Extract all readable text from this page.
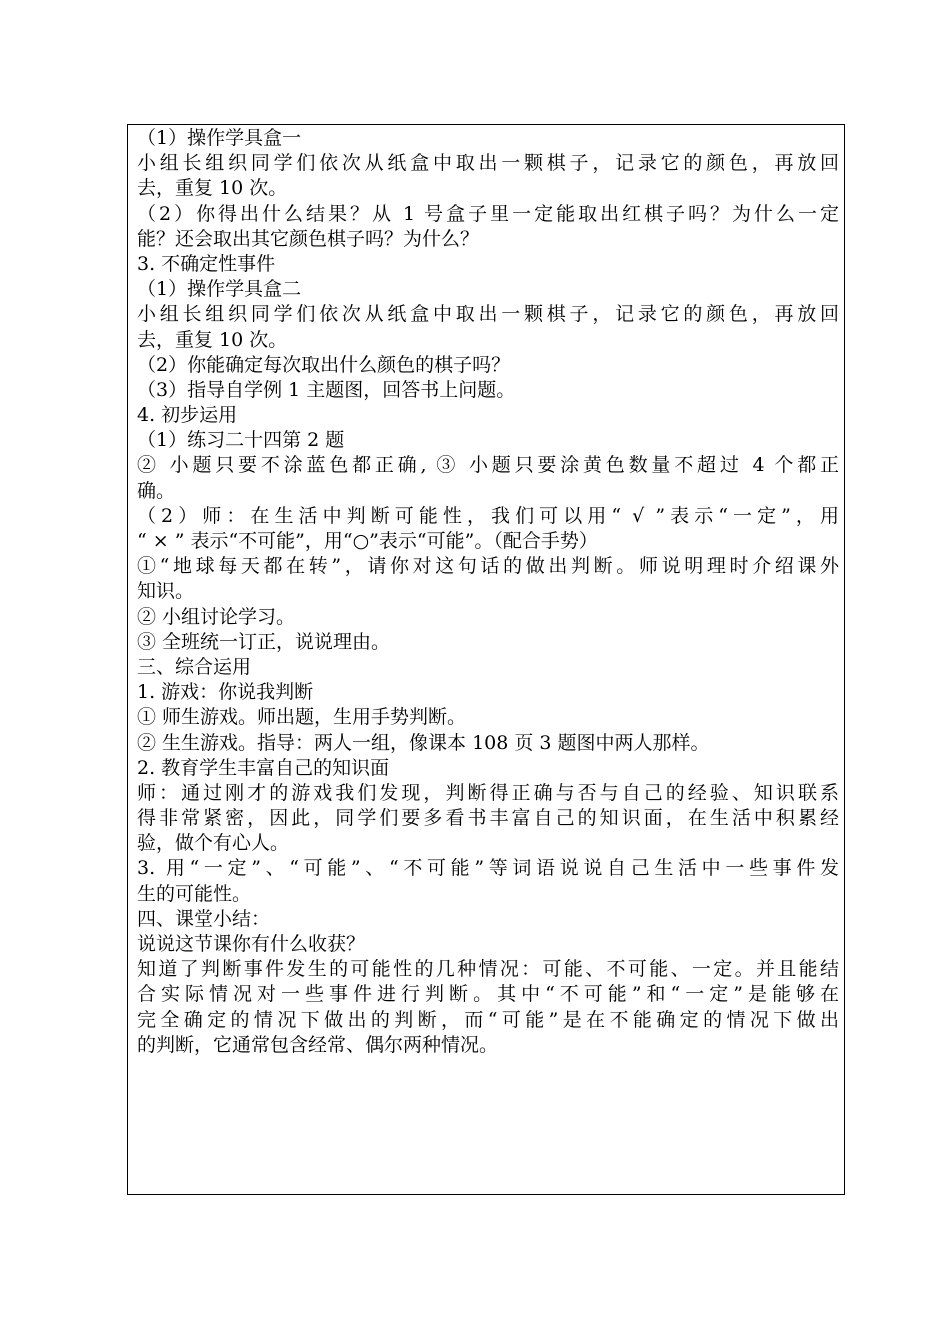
（1）操作学具盒一
小组长组织同学们依次从纸盒中取出一颗棋子，记录它的颜色，再放回
去，重复 10 次。
（2）你得出什么结果？从 1 号盒子里一定能取出红棋子吗？为什么一定
能？还会取出其它颜色棋子吗？为什么？
3. 不确定性事件
（1）操作学具盒二
小组长组织同学们依次从纸盒中取出一颗棋子，记录它的颜色，再放回
去，重复 10 次。
（2）你能确定每次取出什么颜色的棋子吗？
（3）指导自学例 1 主题图，回答书上问题。
4. 初步运用
（1）练习二十四第 2 题
② 小题只要不涂蓝色都正确, ③ 小题只要涂黄色数量不超过 4 个都正
确。
（2）师：在生活中判断可能性，我们可以用“ √ ”表示“一定”，用
“ × ” 表示“不可能”，用“○”表示“可能”。（配合手势）
①“地球每天都在转”，请你对这句话的做出判断。师说明理时介绍课外
知识。
② 小组讨论学习。
③ 全班统一订正，说说理由。
三、综合运用
1. 游戏：你说我判断
① 师生游戏。师出题，生用手势判断。
② 生生游戏。指导：两人一组，像课本 108 页 3 题图中两人那样。
2. 教育学生丰富自己的知识面
师：通过刚才的游戏我们发现，判断得正确与否与自己的经验、知识联系
得非常紧密，因此，同学们要多看书丰富自己的知识面，在生活中积累经
验，做个有心人。
3. 用“一定”、“可能”、“不可能”等词语说说自己生活中一些事件发
生的可能性。
四、课堂小结：
说说这节课你有什么收获？
知道了判断事件发生的可能性的几种情况：可能、不可能、一定。并且能结
合实际情况对一些事件进行判断。其中“不可能”和“一定”是能够在
完全确定的情况下做出的判断，而“可能”是在不能确定的情况下做出
的判断，它通常包含经常、偶尔两种情况。
